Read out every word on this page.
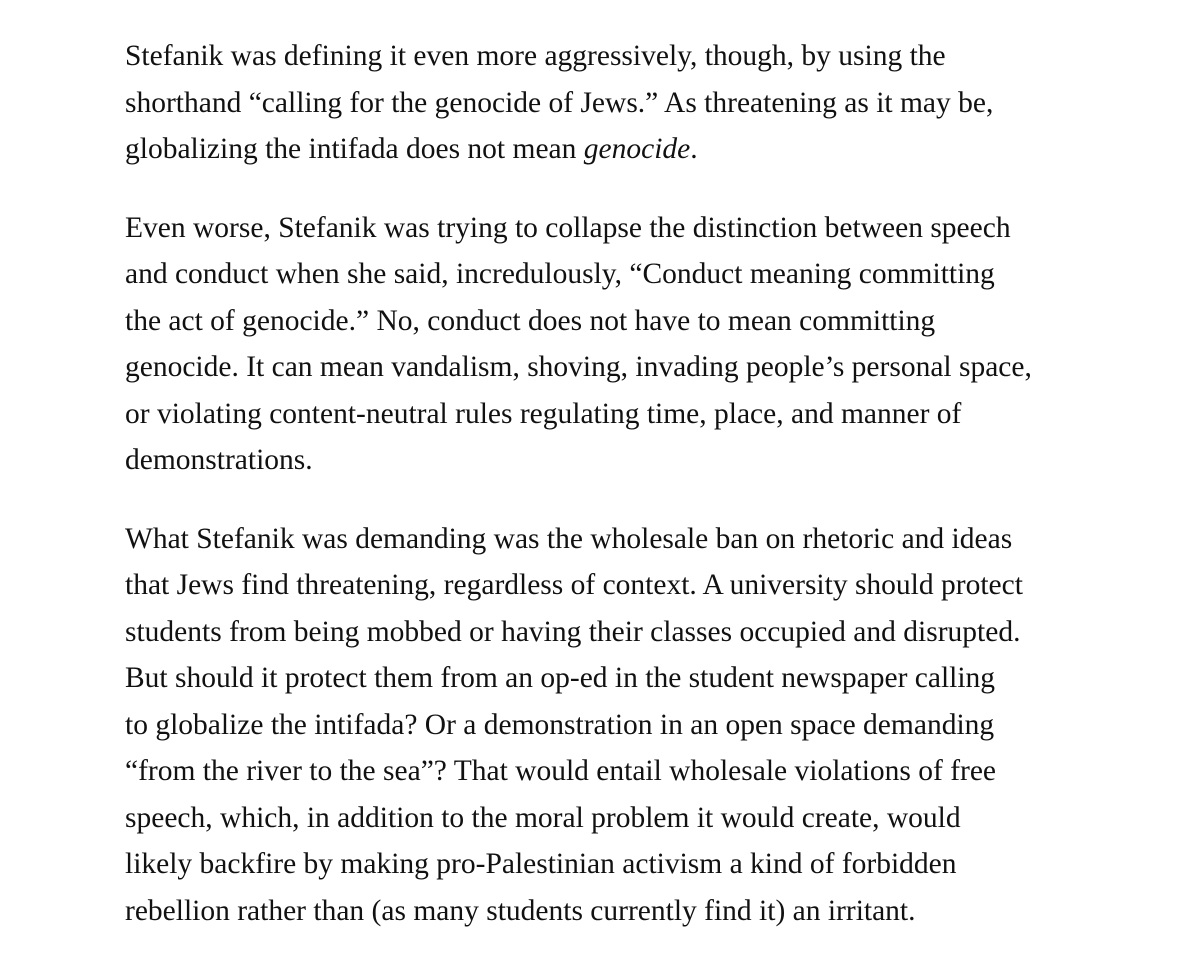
Stefanik was defining it even more aggressively, though, by using the
shorthand “calling for the genocide of Jews.” As threatening as it may be,
globalizing the intifada does not mean genocide.

Even worse, Stefanik was trying to collapse the distinction between speech
and conduct when she said, incredulously, “Conduct meaning committing
the act of genocide.” No, conduct does not have to mean committing
genocide. It can mean vandalism, shoving, invading people’s personal space,
or violating content-neutral rules regulating time, place, and manner of
demonstrations.

What Stefanik was demanding was the wholesale ban on rhetoric and ideas
that Jews find threatening, regardless of context. A university should protect
students from being mobbed or having their classes occupied and disrupted.
But should it protect them from an op-ed in the student newspaper calling
to globalize the intifada? Or a demonstration in an open space demanding
“from the river to the sea”? That would entail wholesale violations of free
speech, which, in addition to the moral problem it would create, would
likely backfire by making pro-Palestinian activism a kind of forbidden
rebellion rather than (as many students currently find it) an irritant.
